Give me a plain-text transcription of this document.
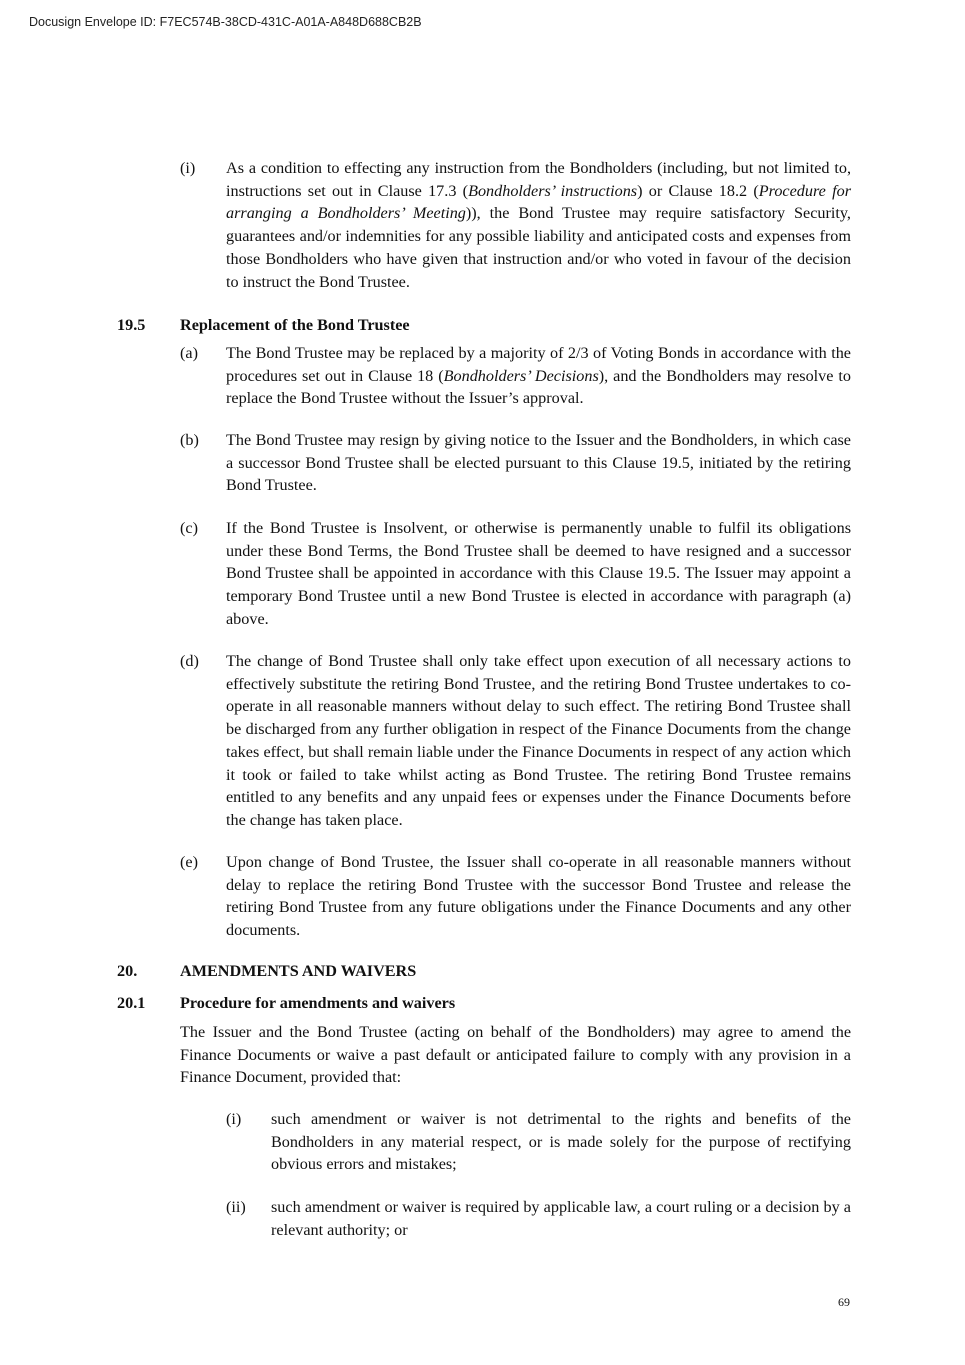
Docusign Envelope ID: F7EC574B-38CD-431C-A01A-A848D688CB2B
(i) As a condition to effecting any instruction from the Bondholders (including, but not limited to, instructions set out in Clause 17.3 (Bondholders’ instructions) or Clause 18.2 (Procedure for arranging a Bondholders’ Meeting)), the Bond Trustee may require satisfactory Security, guarantees and/or indemnities for any possible liability and anticipated costs and expenses from those Bondholders who have given that instruction and/or who voted in favour of the decision to instruct the Bond Trustee.
19.5 Replacement of the Bond Trustee
(a) The Bond Trustee may be replaced by a majority of 2/3 of Voting Bonds in accordance with the procedures set out in Clause 18 (Bondholders’ Decisions), and the Bondholders may resolve to replace the Bond Trustee without the Issuer’s approval.
(b) The Bond Trustee may resign by giving notice to the Issuer and the Bondholders, in which case a successor Bond Trustee shall be elected pursuant to this Clause 19.5, initiated by the retiring Bond Trustee.
(c) If the Bond Trustee is Insolvent, or otherwise is permanently unable to fulfil its obligations under these Bond Terms, the Bond Trustee shall be deemed to have resigned and a successor Bond Trustee shall be appointed in accordance with this Clause 19.5. The Issuer may appoint a temporary Bond Trustee until a new Bond Trustee is elected in accordance with paragraph (a) above.
(d) The change of Bond Trustee shall only take effect upon execution of all necessary actions to effectively substitute the retiring Bond Trustee, and the retiring Bond Trustee undertakes to co-operate in all reasonable manners without delay to such effect. The retiring Bond Trustee shall be discharged from any further obligation in respect of the Finance Documents from the change takes effect, but shall remain liable under the Finance Documents in respect of any action which it took or failed to take whilst acting as Bond Trustee. The retiring Bond Trustee remains entitled to any benefits and any unpaid fees or expenses under the Finance Documents before the change has taken place.
(e) Upon change of Bond Trustee, the Issuer shall co-operate in all reasonable manners without delay to replace the retiring Bond Trustee with the successor Bond Trustee and release the retiring Bond Trustee from any future obligations under the Finance Documents and any other documents.
20.	AMENDMENTS AND WAIVERS
20.1 Procedure for amendments and waivers
The Issuer and the Bond Trustee (acting on behalf of the Bondholders) may agree to amend the Finance Documents or waive a past default or anticipated failure to comply with any provision in a Finance Document, provided that:
(i) such amendment or waiver is not detrimental to the rights and benefits of the Bondholders in any material respect, or is made solely for the purpose of rectifying obvious errors and mistakes;
(ii) such amendment or waiver is required by applicable law, a court ruling or a decision by a relevant authority; or
69
